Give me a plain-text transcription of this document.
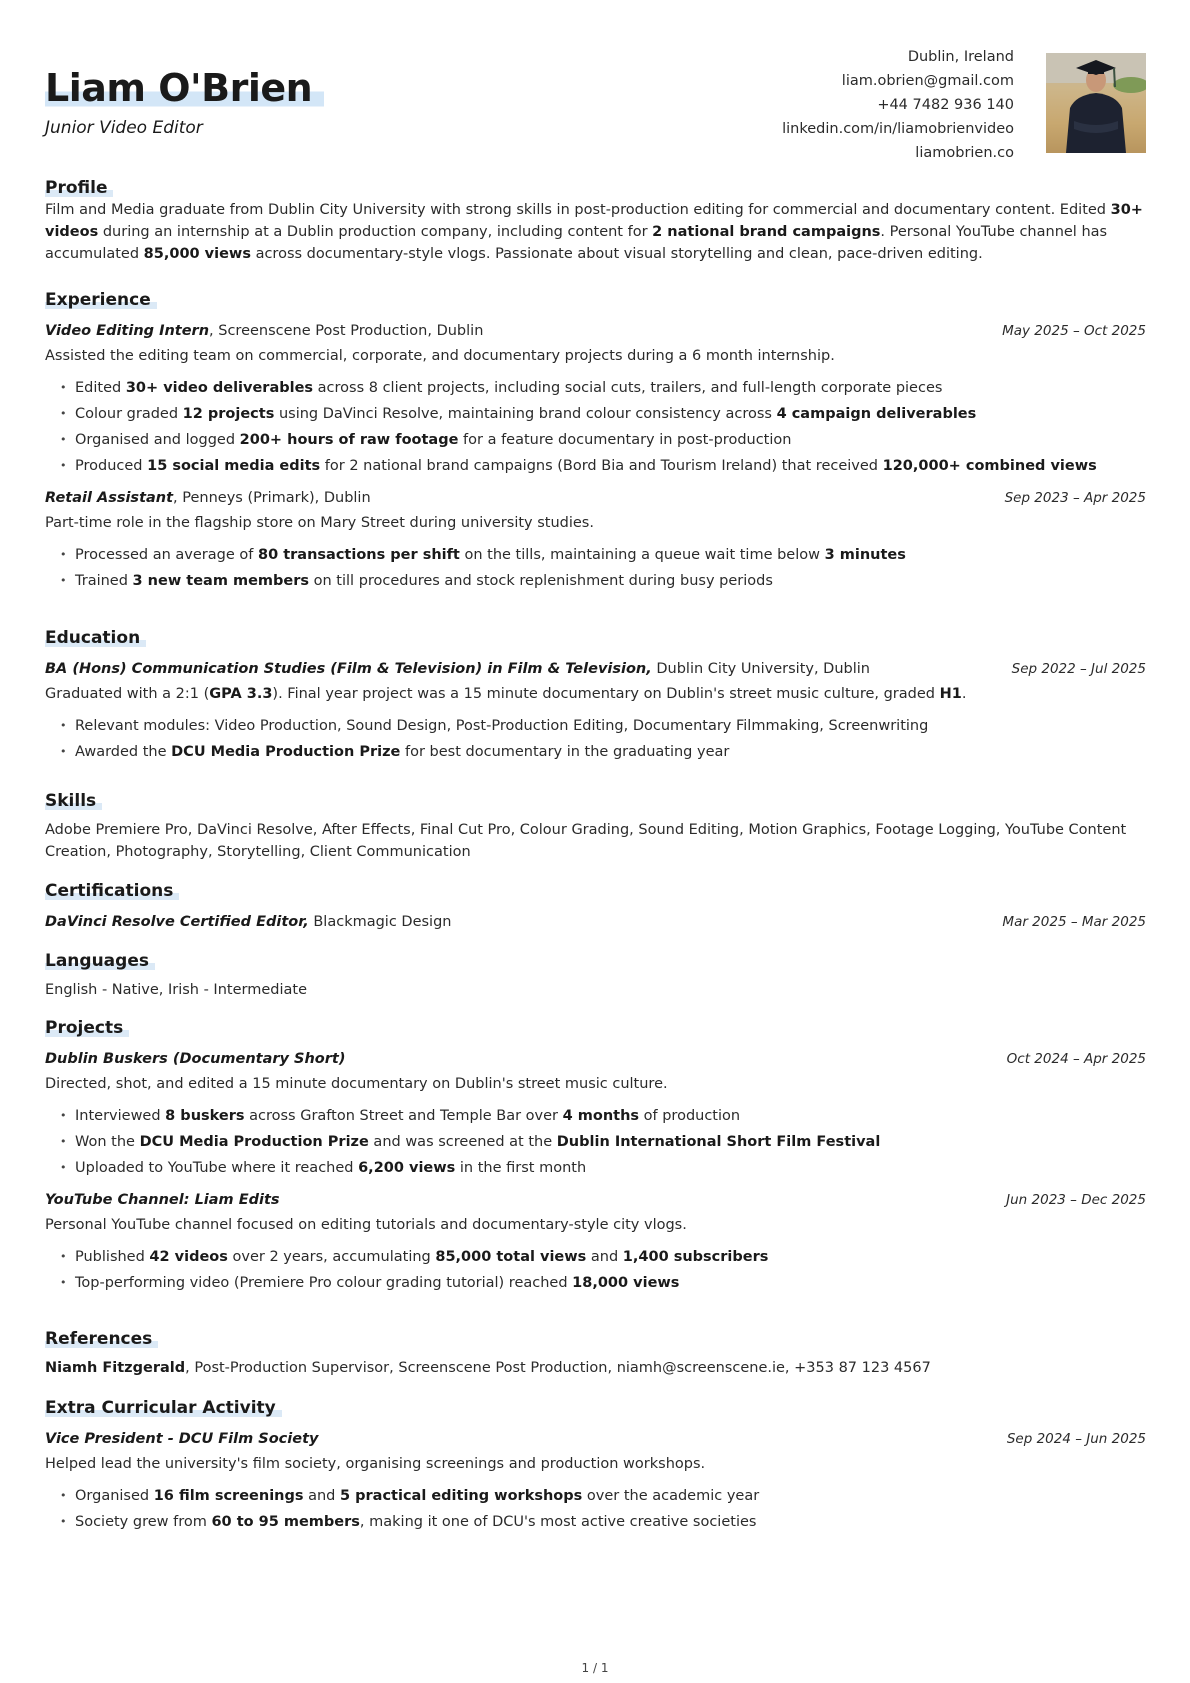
Liam O'Brien
Junior Video Editor
Dublin, Ireland
liam.obrien@gmail.com
+44 7482 936 140
linkedin.com/in/liamobrienvideo
liamobrien.co
Profile
Film and Media graduate from Dublin City University with strong skills in post-production editing for commercial and documentary content. Edited 30+ videos during an internship at a Dublin production company, including content for 2 national brand campaigns. Personal YouTube channel has accumulated 85,000 views across documentary-style vlogs. Passionate about visual storytelling and clean, pace-driven editing.
Experience
Video Editing Intern, Screenscene Post Production, Dublin	May 2025 – Oct 2025
Assisted the editing team on commercial, corporate, and documentary projects during a 6 month internship.
• Edited 30+ video deliverables across 8 client projects, including social cuts, trailers, and full-length corporate pieces
• Colour graded 12 projects using DaVinci Resolve, maintaining brand colour consistency across 4 campaign deliverables
• Organised and logged 200+ hours of raw footage for a feature documentary in post-production
• Produced 15 social media edits for 2 national brand campaigns (Bord Bia and Tourism Ireland) that received 120,000+ combined views
Retail Assistant, Penneys (Primark), Dublin	Sep 2023 – Apr 2025
Part-time role in the flagship store on Mary Street during university studies.
• Processed an average of 80 transactions per shift on the tills, maintaining a queue wait time below 3 minutes
• Trained 3 new team members on till procedures and stock replenishment during busy periods
Education
BA (Hons) Communication Studies (Film & Television) in Film & Television, Dublin City University, Dublin	Sep 2022 – Jul 2025
Graduated with a 2:1 (GPA 3.3). Final year project was a 15 minute documentary on Dublin's street music culture, graded H1.
• Relevant modules: Video Production, Sound Design, Post-Production Editing, Documentary Filmmaking, Screenwriting
• Awarded the DCU Media Production Prize for best documentary in the graduating year
Skills
Adobe Premiere Pro, DaVinci Resolve, After Effects, Final Cut Pro, Colour Grading, Sound Editing, Motion Graphics, Footage Logging, YouTube Content Creation, Photography, Storytelling, Client Communication
Certifications
DaVinci Resolve Certified Editor, Blackmagic Design	Mar 2025 – Mar 2025
Languages
English - Native, Irish - Intermediate
Projects
Dublin Buskers (Documentary Short)	Oct 2024 – Apr 2025
Directed, shot, and edited a 15 minute documentary on Dublin's street music culture.
• Interviewed 8 buskers across Grafton Street and Temple Bar over 4 months of production
• Won the DCU Media Production Prize and was screened at the Dublin International Short Film Festival
• Uploaded to YouTube where it reached 6,200 views in the first month
YouTube Channel: Liam Edits	Jun 2023 – Dec 2025
Personal YouTube channel focused on editing tutorials and documentary-style city vlogs.
• Published 42 videos over 2 years, accumulating 85,000 total views and 1,400 subscribers
• Top-performing video (Premiere Pro colour grading tutorial) reached 18,000 views
References
Niamh Fitzgerald, Post-Production Supervisor, Screenscene Post Production, niamh@screenscene.ie, +353 87 123 4567
Extra Curricular Activity
Vice President - DCU Film Society	Sep 2024 – Jun 2025
Helped lead the university's film society, organising screenings and production workshops.
• Organised 16 film screenings and 5 practical editing workshops over the academic year
• Society grew from 60 to 95 members, making it one of DCU's most active creative societies
1 / 1
